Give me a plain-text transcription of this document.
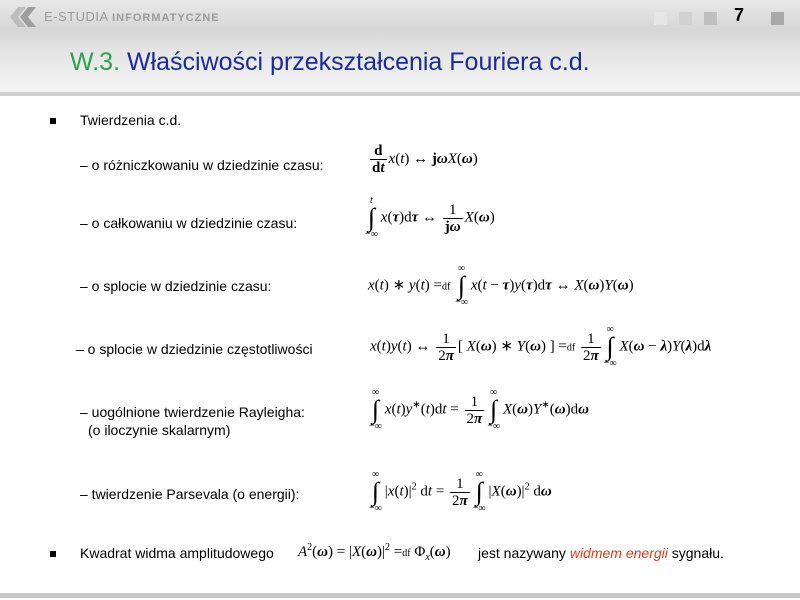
E-STUDIA INFORMATYCZNE	7
W.3. Właściwości przekształcenia Fouriera c.d.
Twierdzenia c.d.
– o różniczkowaniu w dziedzinie czasu:	$\frac{d}{dt} x(t)$ ↔ jωX(ω)
– o całkowaniu w dziedzinie czasu:
t
∫
−∞
x(τ)dτ ↔ $\frac{1}{j\omega} X(\omega)$
– o splocie w dziedzinie czasu:	x(t) ∗ y(t) =df
∞
∫
−∞
x(t − τ)y(τ)dτ ↔ X(ω)Y(ω)
– o splocie w dziedzinie częstotliwości	x(t)y(t) ↔ $\frac{1}{2\pi}$ [ X(ω) ∗ Y(ω) ] $=df \frac{1}{2\pi}$
∞
∫
−∞
X(ω − λ)Y(λ)dλ
– uogólnione twierdzenie Rayleigha:
(o iloczynie skalarnym)
∞
∫
−∞
$x(t)y^∗(t)dt = \frac{1}{2\pi}$
∞
∫
−∞
X(ω)Y∗(ω)dω
– twierdzenie Parsevala (o energii):
∞
∫
−∞
$|x(t)|^2$ dt = $\frac{1}{2\pi}$
∞
∫
−∞
$|X(\omega)|^2$ dω
Kwadrat widma amplitudowego $A^2(\omega) = |X(\omega)|^2 =df$ $\Phi_x(\omega)$ jest nazywany widmem energii sygnału.
